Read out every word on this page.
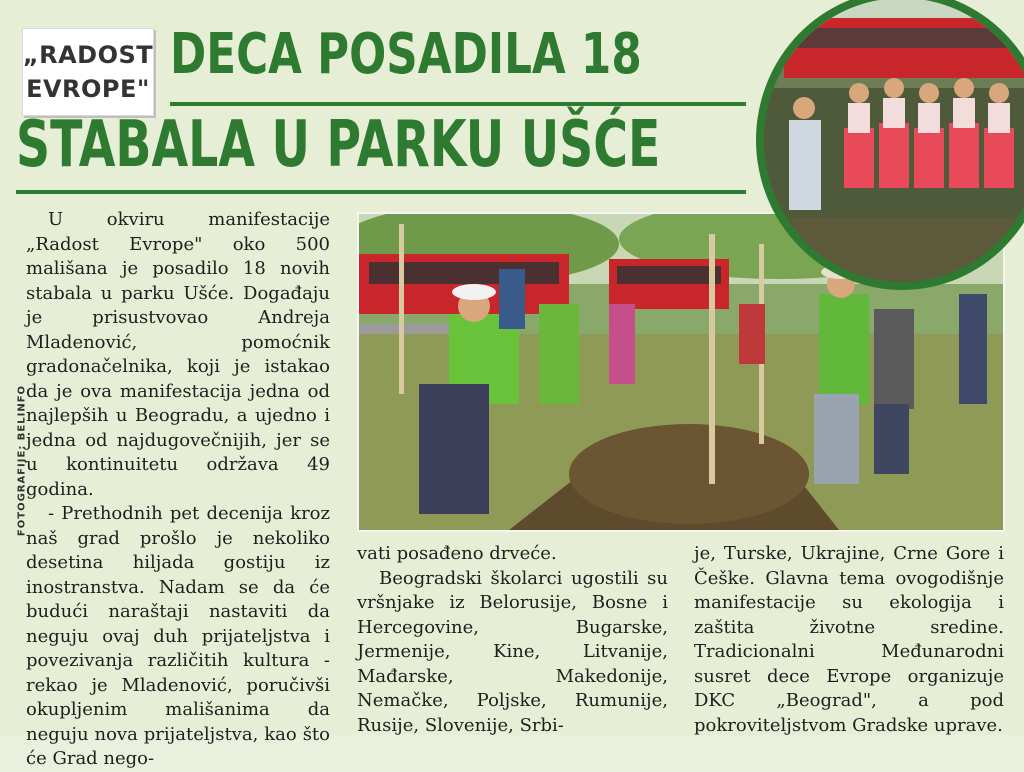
„RADOST
EVROPE"
DECA POSADILA 18
STABALA U PARKU UŠĆE
FOTOGRAFIJE: BELINFO

U okviru manifestacije „Radost Evrope" oko 500 mališana je posadilo 18 novih stabala u parku Ušće. Događaju je prisustvovao Andreja Mladenović, pomoćnik gradonačelnika, koji je istakao da je ova manifestacija jedna od najlepših u Beogradu, a ujedno i jedna od najdugovečnijih, jer se u kontinuitetu održava 49 godina.

- Prethodnih pet decenija kroz naš grad prošlo je nekoliko desetina hiljada gostiju iz inostranstva. Nadam se da će budući naraštaji nastaviti da neguju ovaj duh prijateljstva i povezivanja različitih kultura - rekao je Mladenović, poručivši okupljenim mališanima da neguju nova prijateljstva, kao što će Grad nego-

vati posađeno drveće.

Beogradski školarci ugostili su vršnjake iz Belorusije, Bosne i Hercegovine, Bugarske, Jermenije, Kine, Litvanije, Mađarske, Makedonije, Nemačke, Poljske, Rumunije, Rusije, Slovenije, Srbi-

je, Turske, Ukrajine, Crne Gore i Češke. Glavna tema ovogodišnje manifestacije su ekologija i zaštita životne sredine. Tradicionalni Međunarodni susret dece Evrope organizuje DKC „Beograd", a pod pokroviteljstvom Gradske uprave.
